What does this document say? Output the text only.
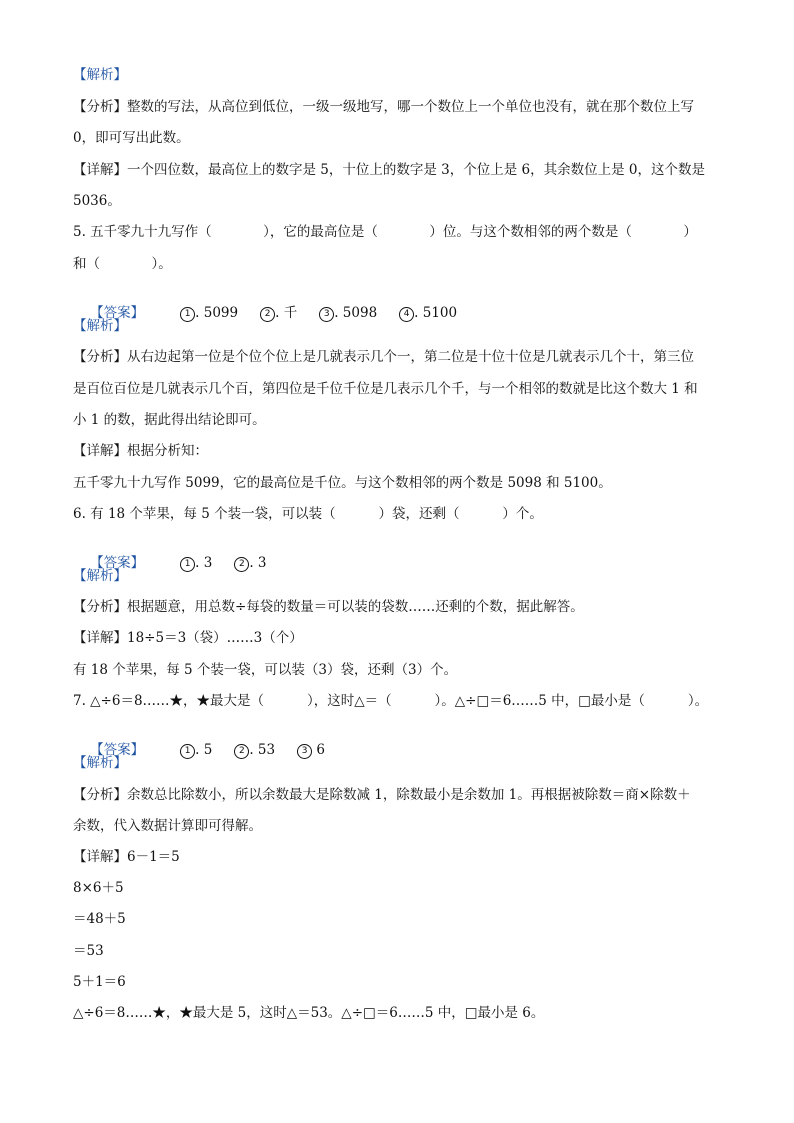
【解析】
【分析】整数的写法，从高位到低位，一级一级地写，哪一个数位上一个单位也没有，就在那个数位上写
0，即可写出此数。
【详解】一个四位数，最高位上的数字是 5，十位上的数字是 3，个位上是 6，其余数位上是 0，这个数是
5036。
5. 五千零九十九写作（            ），它的最高位是（            ）位。与这个数相邻的两个数是（            ）
和（            ）。

【答案】	1 . 5099	2 . 千	3 . 5098	4 . 5100

【解析】
【分析】从右边起第一位是个位个位上是几就表示几个一，第二位是十位十位是几就表示几个十，第三位
是百位百位是几就表示几个百，第四位是千位千位是几表示几个千，与一个相邻的数就是比这个数大 1 和
小 1 的数，据此得出结论即可。
【详解】根据分析知：
五千零九十九写作 5099，它的最高位是千位。与这个数相邻的两个数是 5098 和 5100。
6. 有 18 个苹果，每 5 个装一袋，可以装（          ）袋，还剩（          ）个。

【答案】	1 . 3	2 . 3

【解析】
【分析】根据题意，用总数÷每袋的数量＝可以装的袋数……还剩的个数，据此解答。
【详解】18÷5＝3（袋）……3（个）
有 18 个苹果，每 5 个装一袋，可以装（3）袋，还剩（3）个。
7. △÷6＝8……★，★最大是（          ），这时△＝（          ）。△÷□＝6……5 中，□最小是（          ）。

【答案】	1 . 5	2 . 53	3 6

【解析】
【分析】余数总比除数小，所以余数最大是除数减 1，除数最小是余数加 1。再根据被除数＝商×除数＋
余数，代入数据计算即可得解。
【详解】6－1＝5
8×6＋5
＝48＋5
＝53
5＋1＝6
△÷6＝8……★，★最大是 5，这时△＝53。△÷□＝6……5 中，□最小是 6。
